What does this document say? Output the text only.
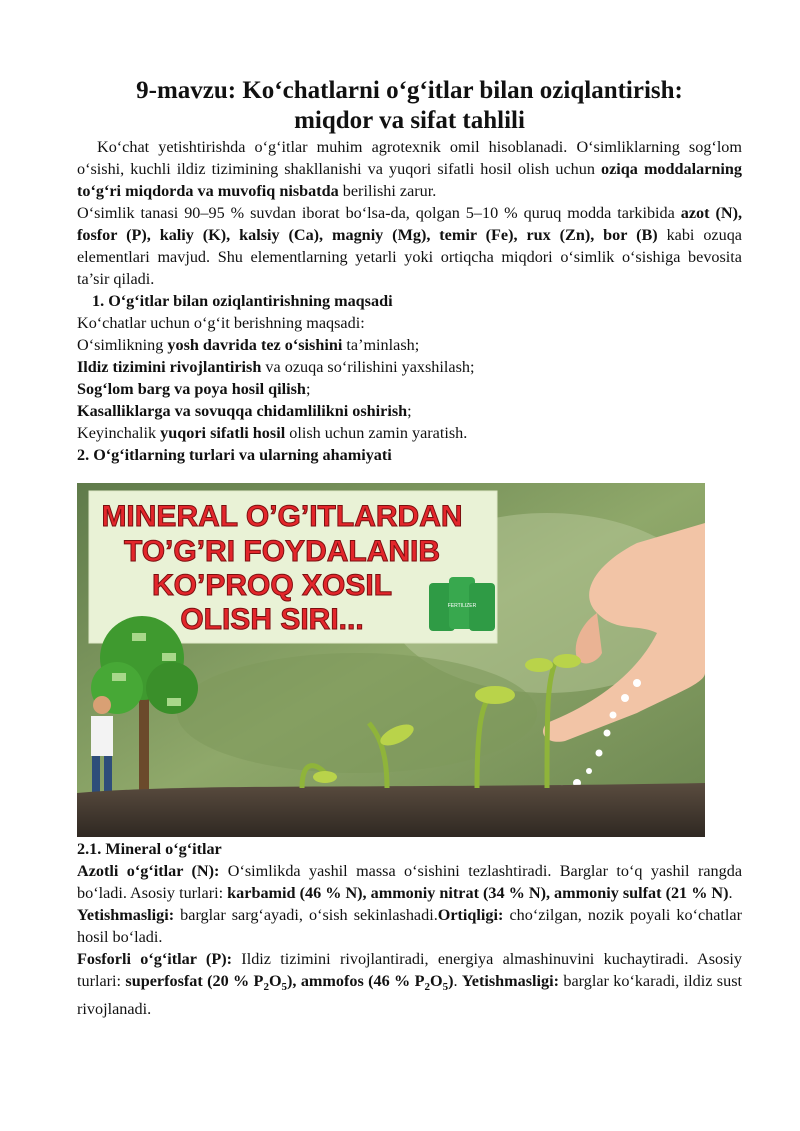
9-mavzu: Ko‘chatlarni o‘g‘itlar bilan oziqlantirish:
miqdor va sifat tahlili

Ko‘chat yetishtirishda o‘g‘itlar muhim agrotexnik omil hisoblanadi. O‘simliklarning sog‘lom o‘sishi, kuchli ildiz tizimining shakllanishi va yuqori sifatli hosil olish uchun oziqa moddalarning to‘g‘ri miqdorda va muvofiq nisbatda berilishi zarur.

O‘simlik tanasi 90–95 % suvdan iborat bo‘lsa-da, qolgan 5–10 % quruq modda tarkibida azot (N), fosfor (P), kaliy (K), kalsiy (Ca), magniy (Mg), temir (Fe), rux (Zn), bor (B) kabi ozuqa elementlari mavjud. Shu elementlarning yetarli yoki ortiqcha miqdori o‘simlik o‘sishiga bevosita ta’sir qiladi.

1. O‘g‘itlar bilan oziqlantirishning maqsadi
Ko‘chatlar uchun o‘g‘it berishning maqsadi:
O‘simlikning yosh davrida tez o‘sishini ta’minlash;
Ildiz tizimini rivojlantirish va ozuqa so‘rilishini yaxshilash;
Sog‘lom barg va poya hosil qilish;
Kasalliklarga va sovuqqa chidamlilikni oshirish;
Keyinchalik yuqori sifatli hosil olish uchun zamin yaratish.
2. O‘g‘itlarning turlari va ularning ahamiyati
MINERAL O’G’ITLARDAN
TO’G’RI FOYDALANIB
KO’PROQ XOSIL
OLISH SIRI...	FERTILIZER
2.1. Mineral o‘g‘itlar

Azotli o‘g‘itlar (N): O‘simlikda yashil massa o‘sishini tezlashtiradi. Barglar to‘q yashil rangda bo‘ladi. Asosiy turlari: karbamid (46 % N), ammoniy nitrat (34 % N), ammoniy sulfat (21 % N).

Yetishmasligi: barglar sarg‘ayadi, o‘sish sekinlashadi.Ortiqligi: cho‘zilgan, nozik poyali ko‘chatlar hosil bo‘ladi.

Fosforli o‘g‘itlar (P): Ildiz tizimini rivojlantiradi, energiya almashinuvini kuchaytiradi. Asosiy turlari: superfosfat (20 % $P_2O_5$), ammofos (46 % $P_2O_5$). Yetishmasligi: barglar ko‘karadi, ildiz sust rivojlanadi.
